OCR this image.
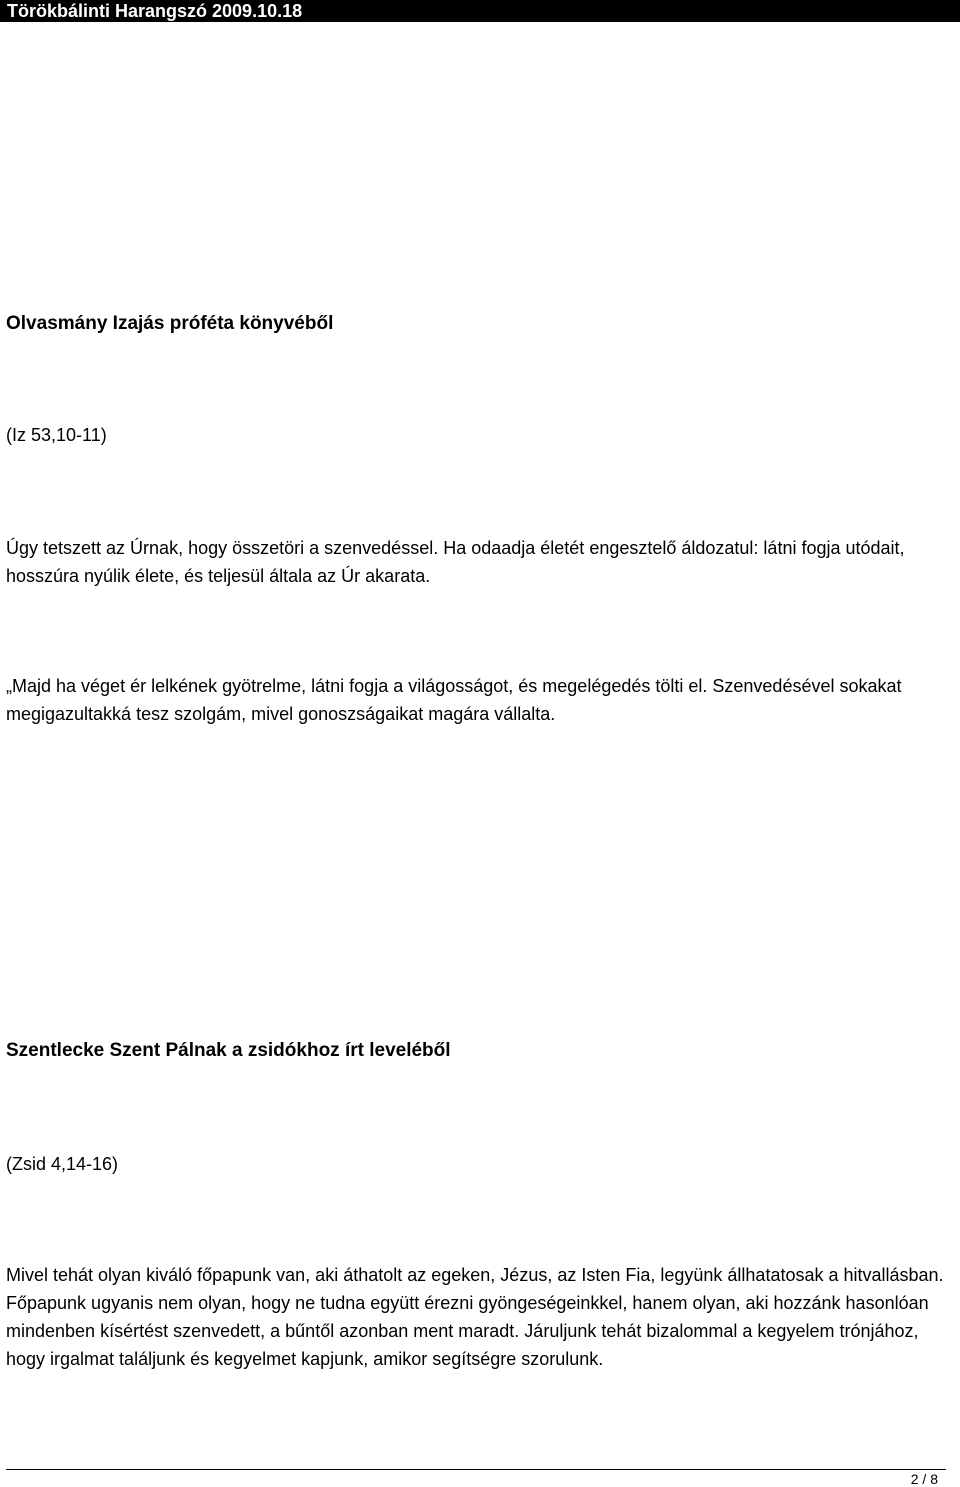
Törökbálinti Harangszó 2009.10.18

Olvasmány Izajás próféta könyvéből

(Iz 53,10-11)

Úgy tetszett az Úrnak, hogy összetöri a szenvedéssel. Ha odaadja életét engesztelő áldozatul: látni fogja utódait, hosszúra nyúlik élete, és teljesül általa az Úr akarata.

„Majd ha véget ér lelkének gyötrelme, látni fogja a világosságot, és megelégedés tölti el. Szenvedésével sokakat megigazultakká tesz szolgám, mivel gonoszságaikat magára vállalta.

Szentlecke Szent Pálnak a zsidókhoz írt leveléből

(Zsid 4,14-16)

Mivel tehát olyan kiváló főpapunk van, aki áthatolt az egeken, Jézus, az Isten Fia, legyünk állhatatosak a hitvallásban. Főpapunk ugyanis nem olyan, hogy ne tudna együtt érezni gyöngeségeinkkel, hanem olyan, aki hozzánk hasonlóan mindenben kísértést szenvedett, a bűntől azonban ment maradt. Járuljunk tehát bizalommal a kegyelem trónjához, hogy irgalmat találjunk és kegyelmet kapjunk, amikor segítségre szorulunk.

2 / 8
